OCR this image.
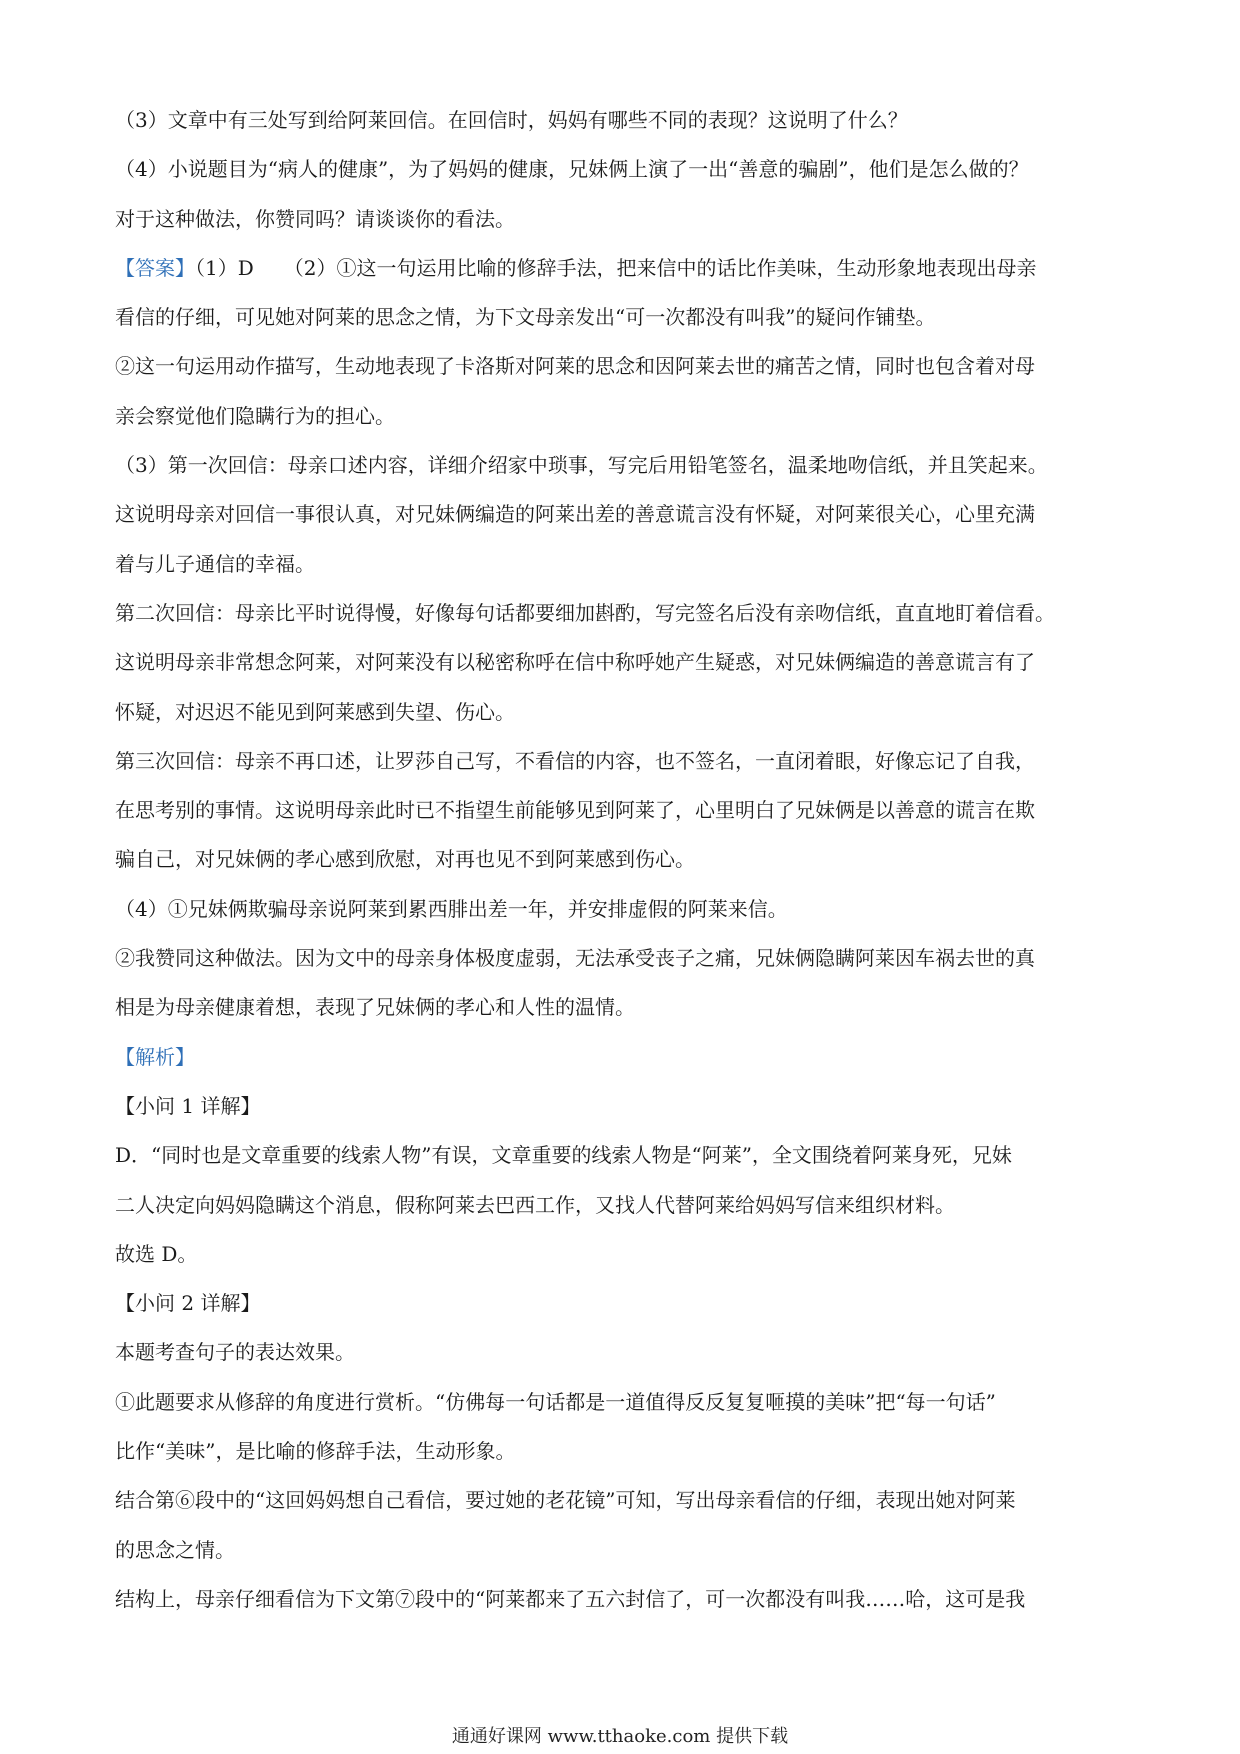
（3）文章中有三处写到给阿莱回信。在回信时，妈妈有哪些不同的表现？这说明了什么？
（4）小说题目为“病人的健康”，为了妈妈的健康，兄妹俩上演了一出“善意的骗剧”，他们是怎么做的？
对于这种做法，你赞同吗？请谈谈你的看法。
【答案】（1）D　　（2）①这一句运用比喻的修辞手法，把来信中的话比作美味，生动形象地表现出母亲
看信的仔细，可见她对阿莱的思念之情，为下文母亲发出“可一次都没有叫我”的疑问作铺垫。
②这一句运用动作描写，生动地表现了卡洛斯对阿莱的思念和因阿莱去世的痛苦之情，同时也包含着对母
亲会察觉他们隐瞒行为的担心。
（3）第一次回信：母亲口述内容，详细介绍家中琐事，写完后用铅笔签名，温柔地吻信纸，并且笑起来。
这说明母亲对回信一事很认真，对兄妹俩编造的阿莱出差的善意谎言没有怀疑，对阿莱很关心，心里充满
着与儿子通信的幸福。
第二次回信：母亲比平时说得慢，好像每句话都要细加斟酌，写完签名后没有亲吻信纸，直直地盯着信看。
这说明母亲非常想念阿莱，对阿莱没有以秘密称呼在信中称呼她产生疑惑，对兄妹俩编造的善意谎言有了
怀疑，对迟迟不能见到阿莱感到失望、伤心。
第三次回信：母亲不再口述，让罗莎自己写，不看信的内容，也不签名，一直闭着眼，好像忘记了自我，
在思考别的事情。这说明母亲此时已不指望生前能够见到阿莱了，心里明白了兄妹俩是以善意的谎言在欺
骗自己，对兄妹俩的孝心感到欣慰，对再也见不到阿莱感到伤心。
（4）①兄妹俩欺骗母亲说阿莱到累西腓出差一年，并安排虚假的阿莱来信。
②我赞同这种做法。因为文中的母亲身体极度虚弱，无法承受丧子之痛，兄妹俩隐瞒阿莱因车祸去世的真
相是为母亲健康着想，表现了兄妹俩的孝心和人性的温情。
【解析】
【小问 1 详解】
D．“同时也是文章重要的线索人物”有误，文章重要的线索人物是“阿莱”，全文围绕着阿莱身死，兄妹
二人决定向妈妈隐瞒这个消息，假称阿莱去巴西工作，又找人代替阿莱给妈妈写信来组织材料。
故选 D。
【小问 2 详解】
本题考查句子的表达效果。
①此题要求从修辞的角度进行赏析。“仿佛每一句话都是一道值得反反复复咂摸的美味”把“每一句话”
比作“美味”，是比喻的修辞手法，生动形象。
结合第⑥段中的“这回妈妈想自己看信，要过她的老花镜”可知，写出母亲看信的仔细，表现出她对阿莱
的思念之情。
结构上，母亲仔细看信为下文第⑦段中的“阿莱都来了五六封信了，可一次都没有叫我……哈，这可是我
通通好课网 www.tthaoke.com 提供下载
